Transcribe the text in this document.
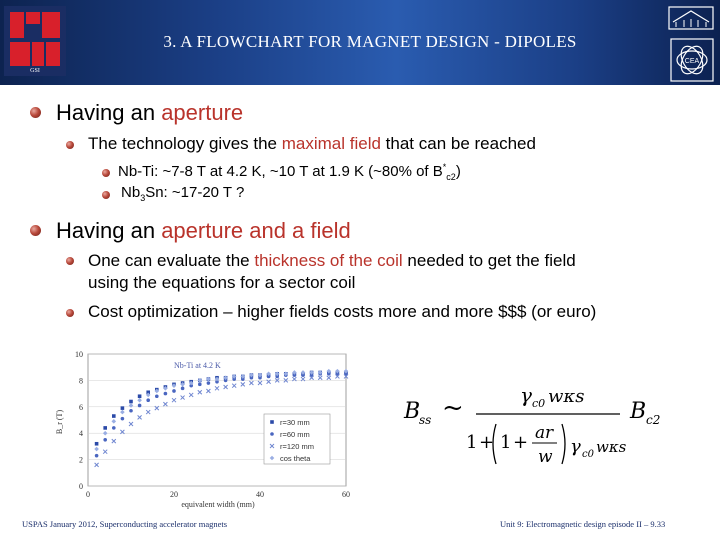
GSI
3. A FLOWCHART FOR MAGNET DESIGN - DIPOLES
CEA
Having an aperture
The technology gives the maximal field that can be reached
Nb-Ti: ~7-8 T at 4.2 K, ~10 T at 1.9 K (~80% of $B^*_{c2}$)
$Nb_3Sn$: ~17-20 T ?
Having an aperture and a field
One can evaluate the thickness of the coil needed to get the field
using the equations for a sector coil
Cost optimization – higher fields costs more and more $$$ (or euro)
0
2
4
6
8
10
0	20	40	60
r=30 mm
r=60 mm
r=120 mm
cos theta
Nb-Ti at 4.2 K
equivalent width (mm)
B_r (T)	B
ss ~	γ c0 wκs
B c2
1 + 1 + a r
w γ c0 wκs
USPAS January 2012, Superconducting accelerator magnets	Unit 9: Electromagnetic design episode II – 9.33
